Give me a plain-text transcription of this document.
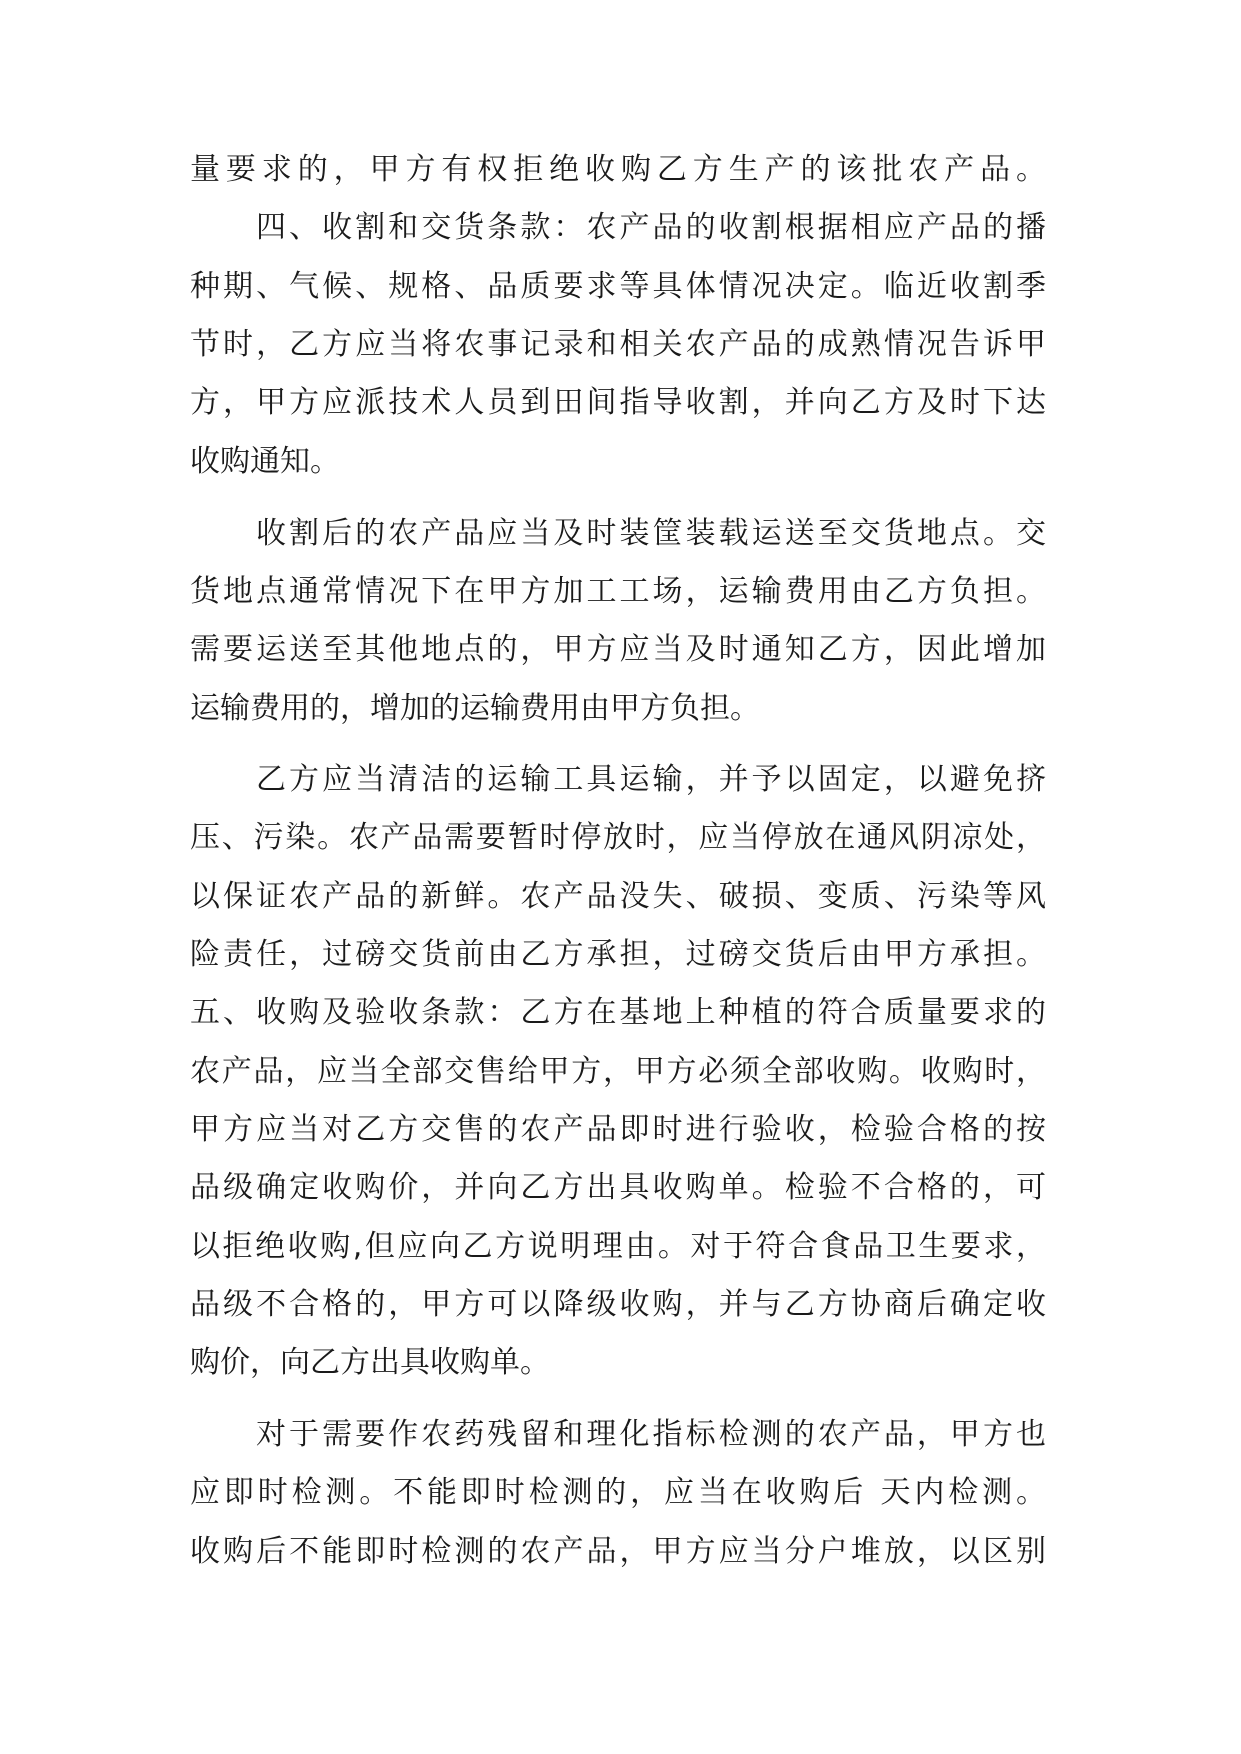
量要求的，甲方有权拒绝收购乙方生产的该批农产品。
四、收割和交货条款：农产品的收割根据相应产品的播
种期、气候、规格、品质要求等具体情况决定。临近收割季
节时，乙方应当将农事记录和相关农产品的成熟情况告诉甲
方，甲方应派技术人员到田间指导收割，并向乙方及时下达
收购通知。
收割后的农产品应当及时装筐装载运送至交货地点。交
货地点通常情况下在甲方加工工场，运输费用由乙方负担。
需要运送至其他地点的，甲方应当及时通知乙方，因此增加
运输费用的，增加的运输费用由甲方负担。
乙方应当清洁的运输工具运输，并予以固定，以避免挤
压、污染。农产品需要暂时停放时，应当停放在通风阴凉处，
以保证农产品的新鲜。农产品没失、破损、变质、污染等风
险责任，过磅交货前由乙方承担，过磅交货后由甲方承担。
五、收购及验收条款：乙方在基地上种植的符合质量要求的
农产品，应当全部交售给甲方，甲方必须全部收购。收购时，
甲方应当对乙方交售的农产品即时进行验收，检验合格的按
品级确定收购价，并向乙方出具收购单。检验不合格的，可
以拒绝收购,但应向乙方说明理由。对于符合食品卫生要求，
品级不合格的，甲方可以降级收购，并与乙方协商后确定收
购价，向乙方出具收购单。
对于需要作农药残留和理化指标检测的农产品，甲方也
应即时检测。不能即时检测的，应当在收购后 天内检测。
收购后不能即时检测的农产品，甲方应当分户堆放，以区别
